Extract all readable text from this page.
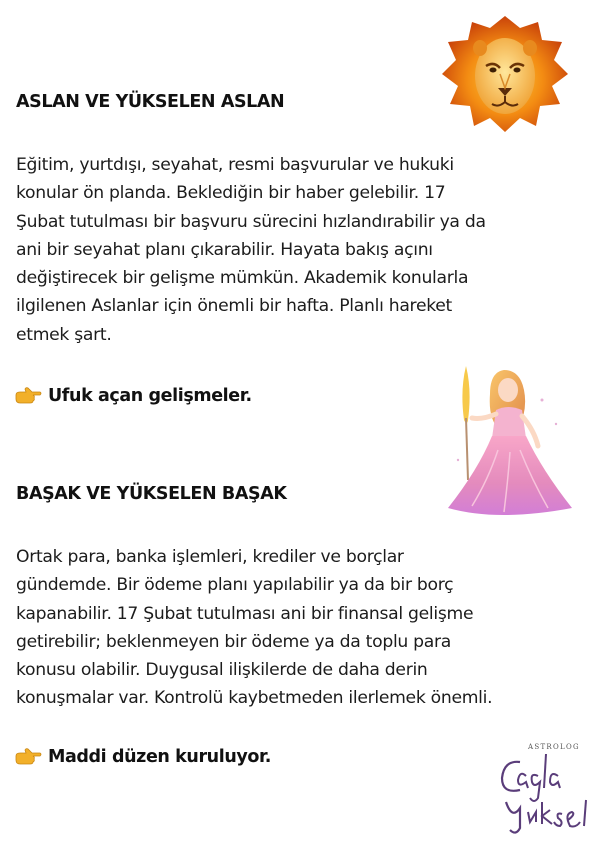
ASLAN VE YÜKSELEN ASLAN

Eğitim, yurtdışı, seyahat, resmi başvurular ve hukuki
konular ön planda. Beklediğin bir haber gelebilir. 17
Şubat tutulması bir başvuru sürecini hızlandırabilir ya da
ani bir seyahat planı çıkarabilir. Hayata bakış açını
değiştirecek bir gelişme mümkün. Akademik konularla
ilgilenen Aslanlar için önemli bir hafta. Planlı hareket
etmek şart.

Ufuk açan gelişmeler.
BAŞAK VE YÜKSELEN BAŞAK

Ortak para, banka işlemleri, krediler ve borçlar
gündemde. Bir ödeme planı yapılabilir ya da bir borç
kapanabilir. 17 Şubat tutulması ani bir finansal gelişme
getirebilir; beklenmeyen bir ödeme ya da toplu para
konusu olabilir. Duygusal ilişkilerde de daha derin
konuşmalar var. Kontrolü kaybetmeden ilerlemek önemli.

Maddi düzen kuruluyor.	ASTROLOG
Çağla Yüksel
